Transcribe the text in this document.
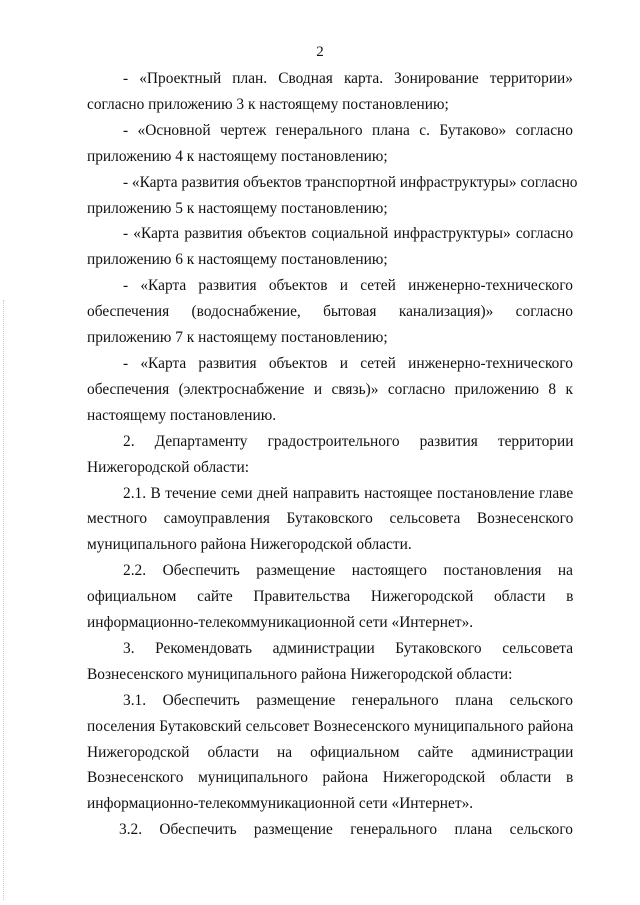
2
- «Проектный план. Сводная карта. Зонирование территории»
согласно приложению 3 к настоящему постановлению;
- «Основной чертеж генерального плана с. Бутаково» согласно
приложению 4 к настоящему постановлению;
- «Карта развития объектов транспортной инфраструктуры» согласно
приложению 5 к настоящему постановлению;
- «Карта развития объектов социальной инфраструктуры» согласно
приложению 6 к настоящему постановлению;
- «Карта развития объектов и сетей инженерно-технического
обеспечения (водоснабжение, бытовая канализация)» согласно
приложению 7 к настоящему постановлению;
- «Карта развития объектов и сетей инженерно-технического
обеспечения (электроснабжение и связь)» согласно приложению 8 к
настоящему постановлению.
2. Департаменту градостроительного развития территории
Нижегородской области:
2.1. В течение семи дней направить настоящее постановление главе
местного самоуправления Бутаковского сельсовета Вознесенского
муниципального района Нижегородской области.
2.2. Обеспечить размещение настоящего постановления на
официальном сайте Правительства Нижегородской области в
информационно-телекоммуникационной сети «Интернет».
3. Рекомендовать администрации Бутаковского сельсовета
Вознесенского муниципального района Нижегородской области:
3.1. Обеспечить размещение генерального плана сельского
поселения Бутаковский сельсовет Вознесенского муниципального района
Нижегородской области на официальном сайте администрации
Вознесенского муниципального района Нижегородской области в
информационно-телекоммуникационной сети «Интернет».
3.2. Обеспечить размещение генерального плана сельского
